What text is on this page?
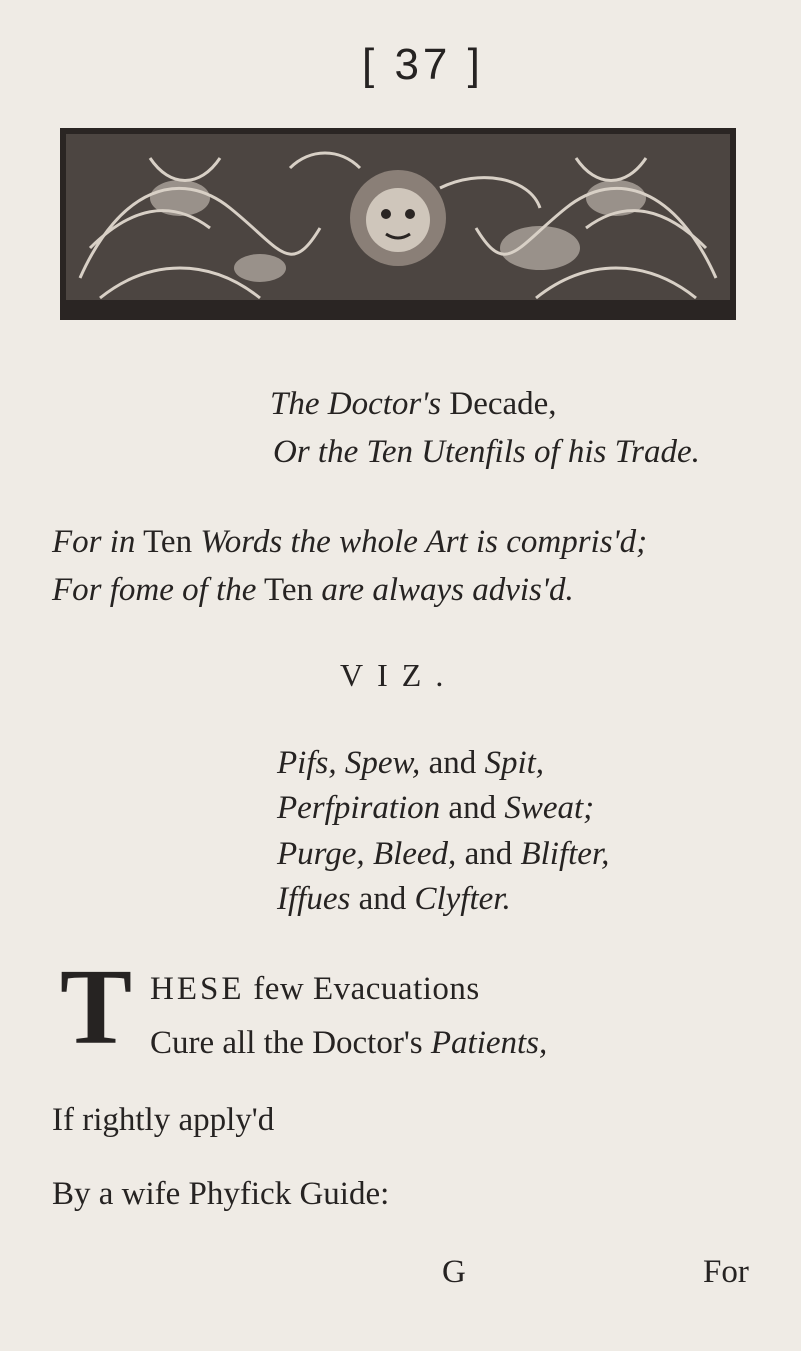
[ 37 ]
The Doctor's Decade,
Or the Ten Utenfils of his Trade.
For in Ten Words the whole Art is compris'd;
For fome of the Ten are always advis'd.
VIZ.
Pifs, Spew, and Spit,
Perfpiration and Sweat;
Purge, Bleed, and Blifter,
Iffues and Clyfter.
T HESE few Evacuations
Cure all the Doctor's Patients,
If rightly apply'd
By a wife Phyfick Guide:
G	For
